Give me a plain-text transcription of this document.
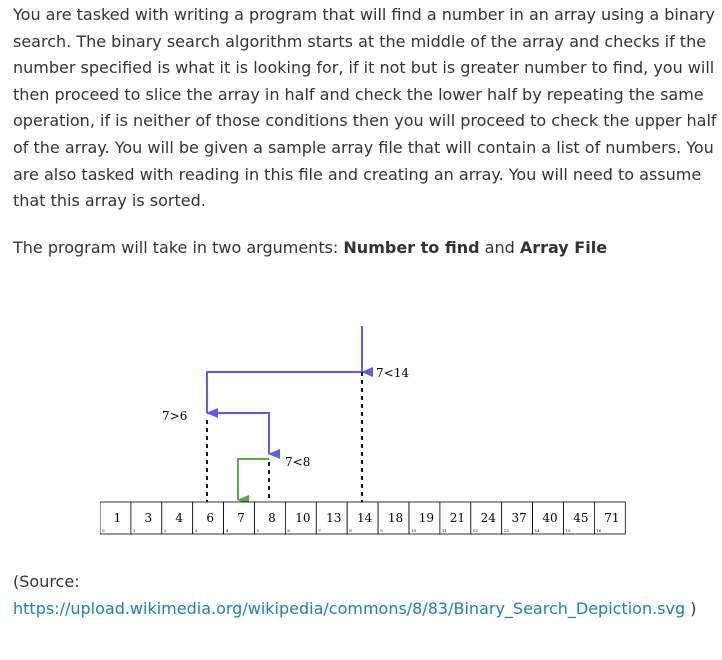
You are tasked with writing a program that will find a number in an array using a binary search. The binary search algorithm starts at the middle of the array and checks if the number specified is what it is looking for, if it not but is greater number to find, you will then proceed to slice the array in half and check the lower half by repeating the same operation, if is neither of those conditions then you will proceed to check the upper half of the array. You will be given a sample array file that will contain a list of numbers. You are also tasked with reading in this file and creating an array. You will need to assume that this array is sorted.

The program will take in two arguments: Number to find and Array File

7<14
7>6
7<8
1
0
3
1
4
2
6
3
7
4
8
5
10
6
13
7
14
8
18
9
19
10
21
11
24
12
37
13
40
14
45
15
71
16
(Source:
https://upload.wikimedia.org/wikipedia/commons/8/83/Binary_Search_Depiction.svg )
